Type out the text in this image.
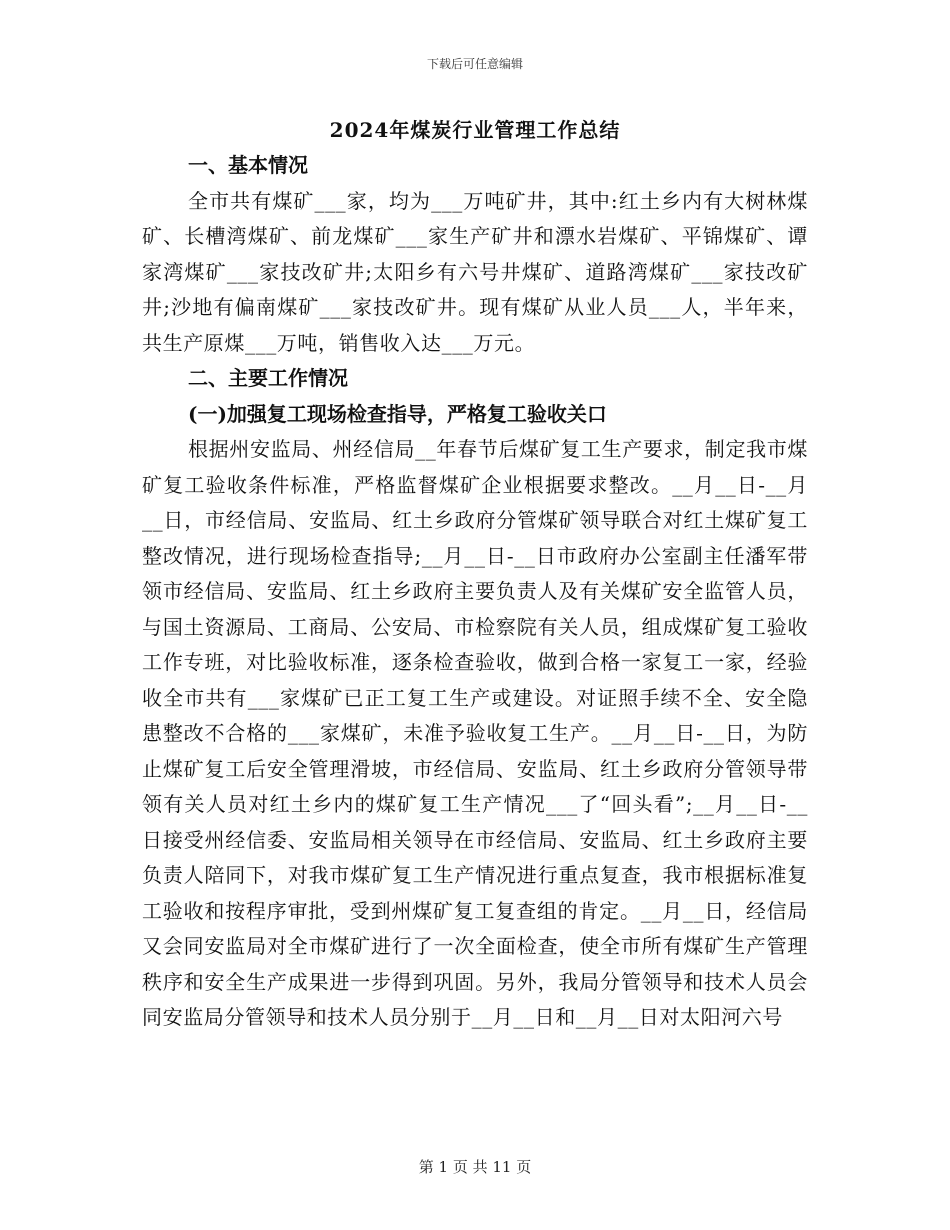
下载后可任意编辑
2024年煤炭行业管理工作总结
一、基本情况
全市共有煤矿___家，均为___万吨矿井，其中:红土乡内有大树林煤矿、长槽湾煤矿、前龙煤矿___家生产矿井和漂水岩煤矿、平锦煤矿、谭家湾煤矿___家技改矿井;太阳乡有六号井煤矿、道路湾煤矿___家技改矿井;沙地有偏南煤矿___家技改矿井。现有煤矿从业人员___人，半年来，共生产原煤___万吨，销售收入达___万元。
二、主要工作情况
(一)加强复工现场检查指导，严格复工验收关口
根据州安监局、州经信局__年春节后煤矿复工生产要求，制定我市煤矿复工验收条件标准，严格监督煤矿企业根据要求整改。__月__日-__月__日，市经信局、安监局、红土乡政府分管煤矿领导联合对红土煤矿复工整改情况，进行现场检查指导;__月__日-__日市政府办公室副主任潘军带领市经信局、安监局、红土乡政府主要负责人及有关煤矿安全监管人员，与国土资源局、工商局、公安局、市检察院有关人员，组成煤矿复工验收工作专班，对比验收标准，逐条检查验收，做到合格一家复工一家，经验收全市共有___家煤矿已正工复工生产或建设。对证照手续不全、安全隐患整改不合格的___家煤矿，未准予验收复工生产。__月__日-__日，为防止煤矿复工后安全管理滑坡，市经信局、安监局、红土乡政府分管领导带领有关人员对红土乡内的煤矿复工生产情况___了“回头看”;__月__日-__日接受州经信委、安监局相关领导在市经信局、安监局、红土乡政府主要负责人陪同下，对我市煤矿复工生产情况进行重点复查，我市根据标准复工验收和按程序审批，受到州煤矿复工复查组的肯定。__月__日，经信局又会同安监局对全市煤矿进行了一次全面检查，使全市所有煤矿生产管理秩序和安全生产成果进一步得到巩固。另外，我局分管领导和技术人员会同安监局分管领导和技术人员分别于__月__日和__月__日对太阳河六号
第 1 页 共 11 页
